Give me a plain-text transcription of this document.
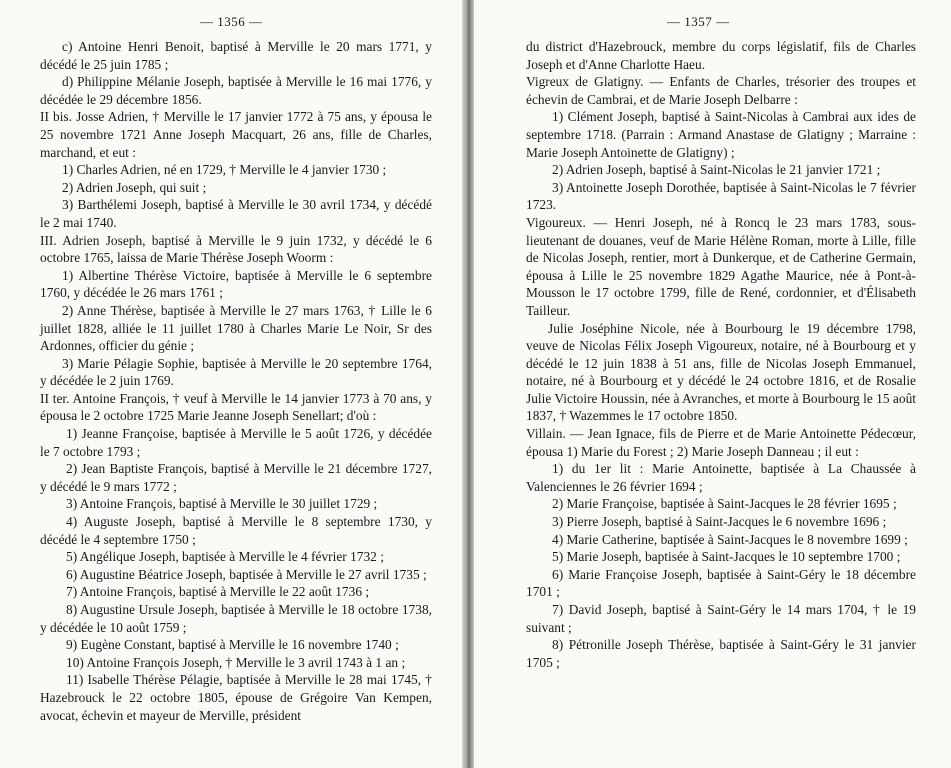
— 1356 —

c) Antoine Henri Benoit, baptisé à Merville le 20 mars 1771, y décédé le 25 juin 1785 ;

d) Philippine Mélanie Joseph, baptisée à Merville le 16 mai 1776, y décédée le 29 décembre 1856.

II bis. Josse Adrien, † Merville le 17 janvier 1772 à 75 ans, y épousa le 25 novembre 1721 Anne Joseph Macquart, 26 ans, fille de Charles, marchand, et eut :

1) Charles Adrien, né en 1729, † Merville le 4 janvier 1730 ;

2) Adrien Joseph, qui suit ;

3) Barthélemi Joseph, baptisé à Merville le 30 avril 1734, y décédé le 2 mai 1740.

III. Adrien Joseph, baptisé à Merville le 9 juin 1732, y décédé le 6 octobre 1765, laissa de Marie Thérèse Joseph Woorm :

1) Albertine Thérèse Victoire, baptisée à Merville le 6 septembre 1760, y décédée le 26 mars 1761 ;

2) Anne Thérèse, baptisée à Merville le 27 mars 1763, † Lille le 6 juillet 1828, alliée le 11 juillet 1780 à Charles Marie Le Noir, Sr des Ardonnes, officier du génie ;

3) Marie Pélagie Sophie, baptisée à Merville le 20 septembre 1764, y décédée le 2 juin 1769.

II ter. Antoine François, † veuf à Merville le 14 janvier 1773 à 70 ans, y épousa le 2 octobre 1725 Marie Jeanne Joseph Senellart; d'où :

1) Jeanne Françoise, baptisée à Merville le 5 août 1726, y décédée le 7 octobre 1793 ;

2) Jean Baptiste François, baptisé à Merville le 21 décembre 1727, y décédé le 9 mars 1772 ;

3) Antoine François, baptisé à Merville le 30 juillet 1729 ;

4) Auguste Joseph, baptisé à Merville le 8 septembre 1730, y décédé le 4 septembre 1750 ;

5) Angélique Joseph, baptisée à Merville le 4 février 1732 ;

6) Augustine Béatrice Joseph, baptisée à Merville le 27 avril 1735 ;

7) Antoine François, baptisé à Merville le 22 août 1736 ;

8) Augustine Ursule Joseph, baptisée à Merville le 18 octobre 1738, y décédée le 10 août 1759 ;

9) Eugène Constant, baptisé à Merville le 16 novembre 1740 ;

10) Antoine François Joseph, † Merville le 3 avril 1743 à 1 an ;

11) Isabelle Thérèse Pélagie, baptisée à Merville le 28 mai 1745, † Hazebrouck le 22 octobre 1805, épouse de Grégoire Van Kempen, avocat, échevin et mayeur de Merville, président

— 1357 —

du district d'Hazebrouck, membre du corps législatif, fils de Charles Joseph et d'Anne Charlotte Haeu.

Vigreux de Glatigny. — Enfants de Charles, trésorier des troupes et échevin de Cambrai, et de Marie Joseph Delbarre :

1) Clément Joseph, baptisé à Saint-Nicolas à Cambrai aux ides de septembre 1718. (Parrain : Armand Anastase de Glatigny ; Marraine : Marie Joseph Antoinette de Glatigny) ;

2) Adrien Joseph, baptisé à Saint-Nicolas le 21 janvier 1721 ;

3) Antoinette Joseph Dorothée, baptisée à Saint-Nicolas le 7 février 1723.

Vigoureux. — Henri Joseph, né à Roncq le 23 mars 1783, sous-lieutenant de douanes, veuf de Marie Hélène Roman, morte à Lille, fille de Nicolas Joseph, rentier, mort à Dunkerque, et de Catherine Germain, épousa à Lille le 25 novembre 1829 Agathe Maurice, née à Pont-à-Mousson le 17 octobre 1799, fille de René, cordonnier, et d'Élisabeth Tailleur.

Julie Joséphine Nicole, née à Bourbourg le 19 décembre 1798, veuve de Nicolas Félix Joseph Vigoureux, notaire, né à Bourbourg et y décédé le 12 juin 1838 à 51 ans, fille de Nicolas Joseph Emmanuel, notaire, né à Bourbourg et y décédé le 24 octobre 1816, et de Rosalie Julie Victoire Houssin, née à Avranches, et morte à Bourbourg le 15 août 1837, † Wazemmes le 17 octobre 1850.

Villain. — Jean Ignace, fils de Pierre et de Marie Antoinette Pédecœur, épousa 1) Marie du Forest ; 2) Marie Joseph Danneau ; il eut :

1) du 1er lit : Marie Antoinette, baptisée à La Chaussée à Valenciennes le 26 février 1694 ;

2) Marie Françoise, baptisée à Saint-Jacques le 28 février 1695 ;

3) Pierre Joseph, baptisé à Saint-Jacques le 6 novembre 1696 ;

4) Marie Catherine, baptisée à Saint-Jacques le 8 novembre 1699 ;

5) Marie Joseph, baptisée à Saint-Jacques le 10 septembre 1700 ;

6) Marie Françoise Joseph, baptisée à Saint-Géry le 18 décembre 1701 ;

7) David Joseph, baptisé à Saint-Géry le 14 mars 1704, † le 19 suivant ;

8) Pétronille Joseph Thérèse, baptisée à Saint-Géry le 31 janvier 1705 ;
